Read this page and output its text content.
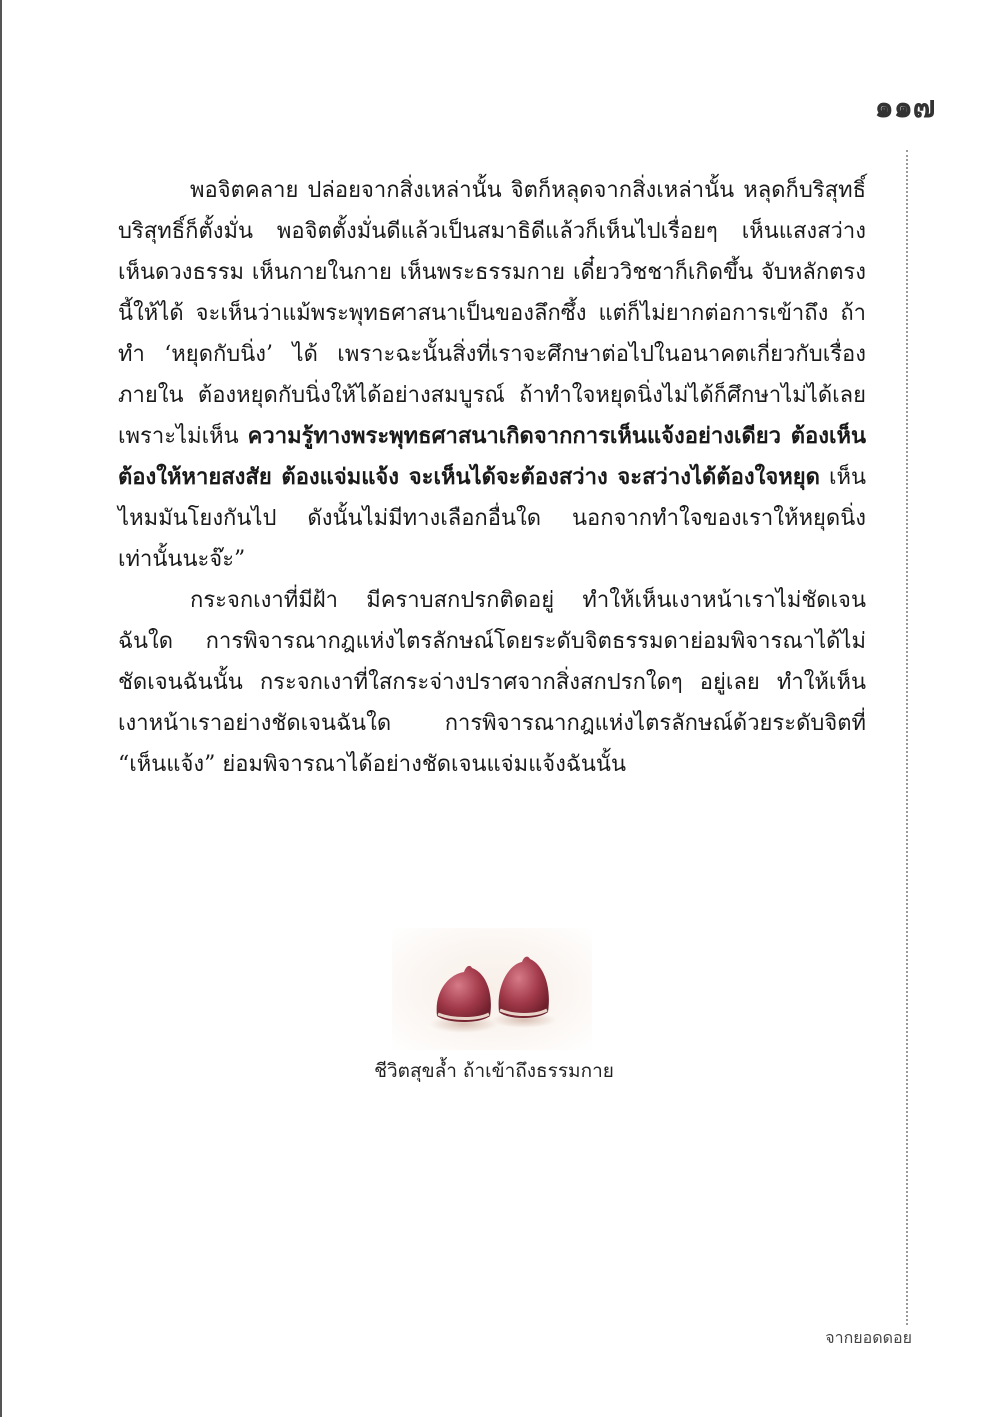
๑๑๗

พอจิตคลาย ปล่อยจากสิ่งเหล่านั้น จิตก็หลุดจากสิ่งเหล่านั้น หลุดก็บริสุทธิ์ บริสุทธิ์ก็ตั้งมั่น พอจิตตั้งมั่นดีแล้วเป็นสมาธิดีแล้วก็เห็นไปเรื่อยๆ เห็นแสงสว่าง เห็นดวงธรรม เห็นกายในกาย เห็นพระธรรมกาย เดี๋ยววิชชาก็เกิดขึ้น จับหลักตรงนี้ให้ได้ จะเห็นว่าแม้พระพุทธศาสนาเป็นของลึกซึ้ง แต่ก็ไม่ยากต่อการเข้าถึง ถ้าทำ ‘หยุดกับนิ่ง’ ได้ เพราะฉะนั้นสิ่งที่เราจะศึกษาต่อไปในอนาคตเกี่ยวกับเรื่องภายใน ต้องหยุดกับนิ่งให้ได้อย่างสมบูรณ์ ถ้าทำใจหยุดนิ่งไม่ได้ก็ศึกษาไม่ได้เลย เพราะไม่เห็น ความรู้ทางพระพุทธศาสนาเกิดจากการเห็นแจ้งอย่างเดียว ต้องเห็น ต้องให้หายสงสัย ต้องแจ่มแจ้ง จะเห็นได้จะต้องสว่าง จะสว่างได้ต้องใจหยุด เห็นไหมมันโยงกันไป ดังนั้นไม่มีทางเลือกอื่นใด นอกจากทำใจของเราให้หยุดนิ่งเท่านั้นนะจ๊ะ”

กระจกเงาที่มีฝ้า มีคราบสกปรกติดอยู่ ทำให้เห็นเงาหน้าเราไม่ชัดเจนฉันใด การพิจารณากฎแห่งไตรลักษณ์โดยระดับจิตธรรมดาย่อมพิจารณาได้ไม่ชัดเจนฉันนั้น กระจกเงาที่ใสกระจ่างปราศจากสิ่งสกปรกใดๆ อยู่เลย ทำให้เห็นเงาหน้าเราอย่างชัดเจนฉันใด การพิจารณากฎแห่งไตรลักษณ์ด้วยระดับจิตที่ “เห็นแจ้ง” ย่อมพิจารณาได้อย่างชัดเจนแจ่มแจ้งฉันนั้น

ชีวิตสุขล้ำ ถ้าเข้าถึงธรรมกาย
จากยอดดอย
